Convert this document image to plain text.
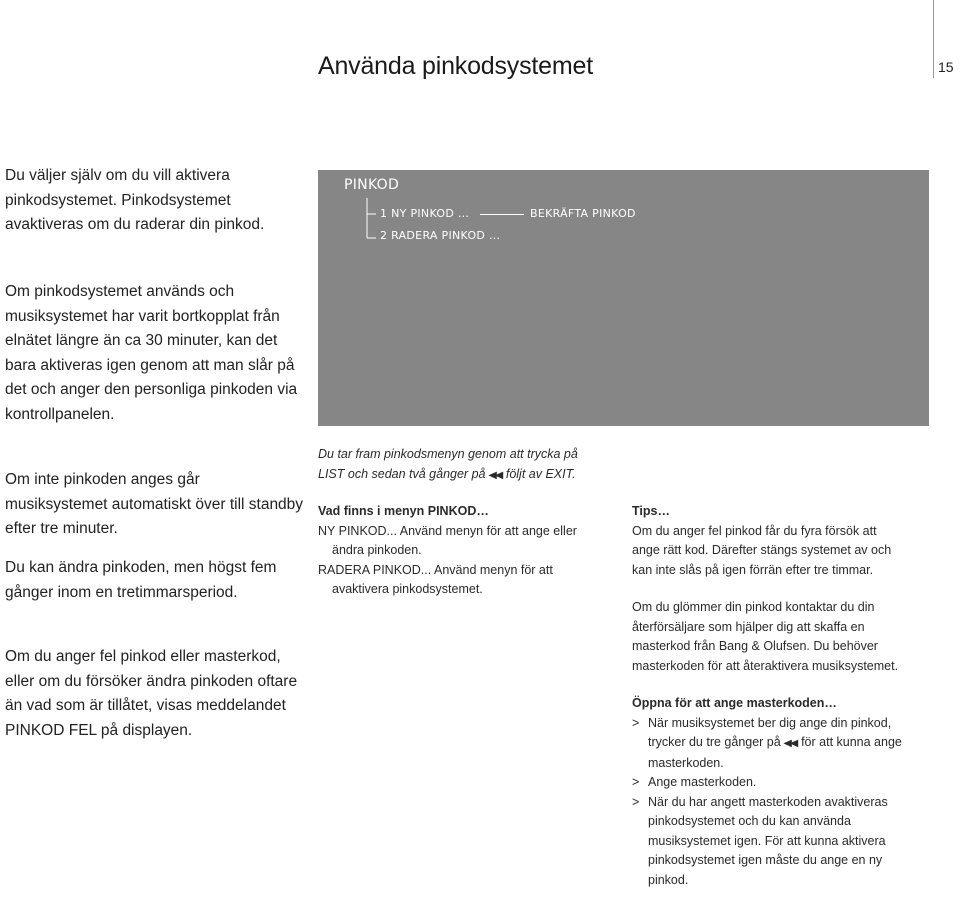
Använda pinkodsystemet	15

Du väljer själv om du vill aktivera pinkodsystemet. Pinkodsystemet avaktiveras om du raderar din pinkod.

Om pinkodsystemet används och musiksystemet har varit bortkopplat från elnätet längre än ca 30 minuter, kan det bara aktiveras igen genom att man slår på det och anger den personliga pinkoden via kontrollpanelen.

Om inte pinkoden anges går musiksystemet automatiskt över till standby efter tre minuter.

Du kan ändra pinkoden, men högst fem gånger inom en tretimmarsperiod.

Om du anger fel pinkod eller masterkod, eller om du försöker ändra pinkoden oftare än vad som är tillåtet, visas meddelandet PINKOD FEL på displayen.

PINKOD
1 NY PINKOD …	BEKRÄFTA PINKOD
2 RADERA PINKOD …

Du tar fram pinkodsmenyn genom att trycka på

LIST och sedan två gånger på ◀◀ följt av EXIT.

Vad finns i menyn PINKOD…

NY PINKOD... Använd menyn för att ange eller

ändra pinkoden.

RADERA PINKOD... Använd menyn för att

avaktivera pinkodsystemet.

Tips…

Om du anger fel pinkod får du fyra försök att

ange rätt kod. Därefter stängs systemet av och

kan inte slås på igen förrän efter tre timmar.

Om du glömmer din pinkod kontaktar du din

återförsäljare som hjälper dig att skaffa en

masterkod från Bang & Olufsen. Du behöver

masterkoden för att återaktivera musiksystemet.

Öppna för att ange masterkoden…

> När musiksystemet ber dig ange din pinkod,

trycker du tre gånger på ◀◀ för att kunna ange

masterkoden.

> Ange masterkoden.

> När du har angett masterkoden avaktiveras

pinkodsystemet och du kan använda

musiksystemet igen. För att kunna aktivera

pinkodsystemet igen måste du ange en ny

pinkod.
